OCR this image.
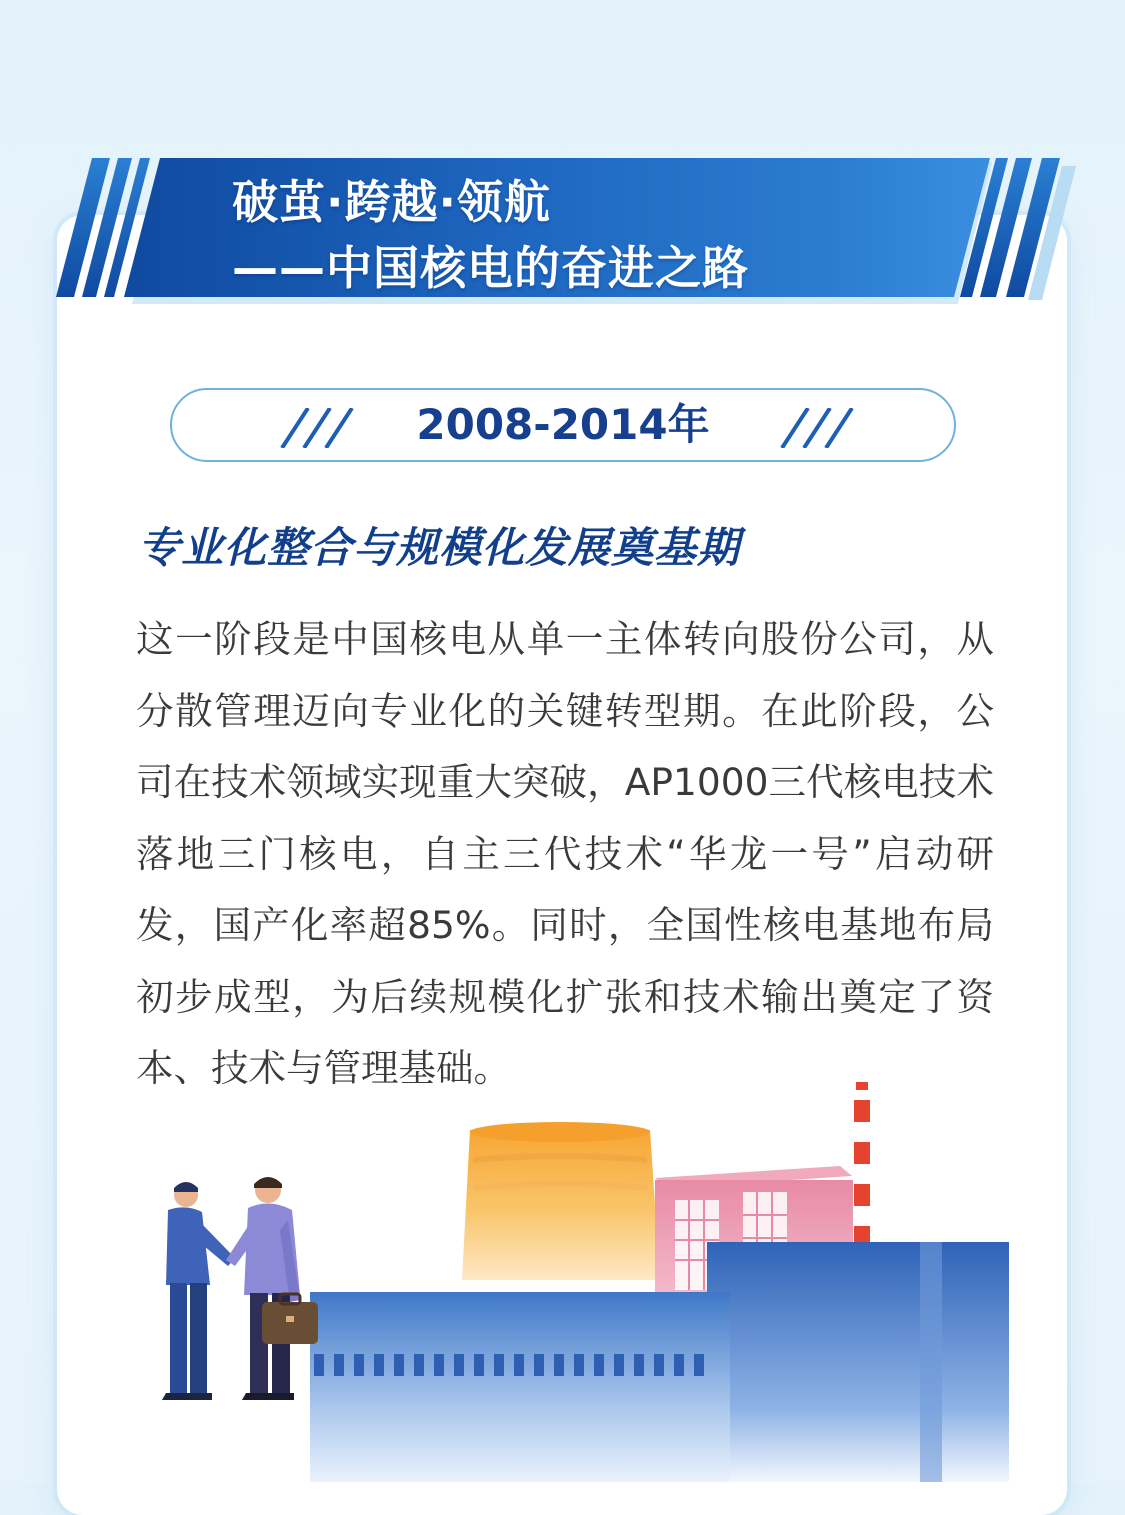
破茧·跨越·领航
——中国核电的奋进之路
2008-2014年
专业化整合与规模化发展奠基期

这一阶段是中国核电从单一主体转向股份公司，从分散管理迈向专业化的关键转型期。在此阶段，公司在技术领域实现重大突破，AP1000三代核电技术落地三门核电，自主三代技术“华龙一号”启动研发，国产化率超85%。同时，全国性核电基地布局初步成型，为后续规模化扩张和技术输出奠定了资本、技术与管理基础。
